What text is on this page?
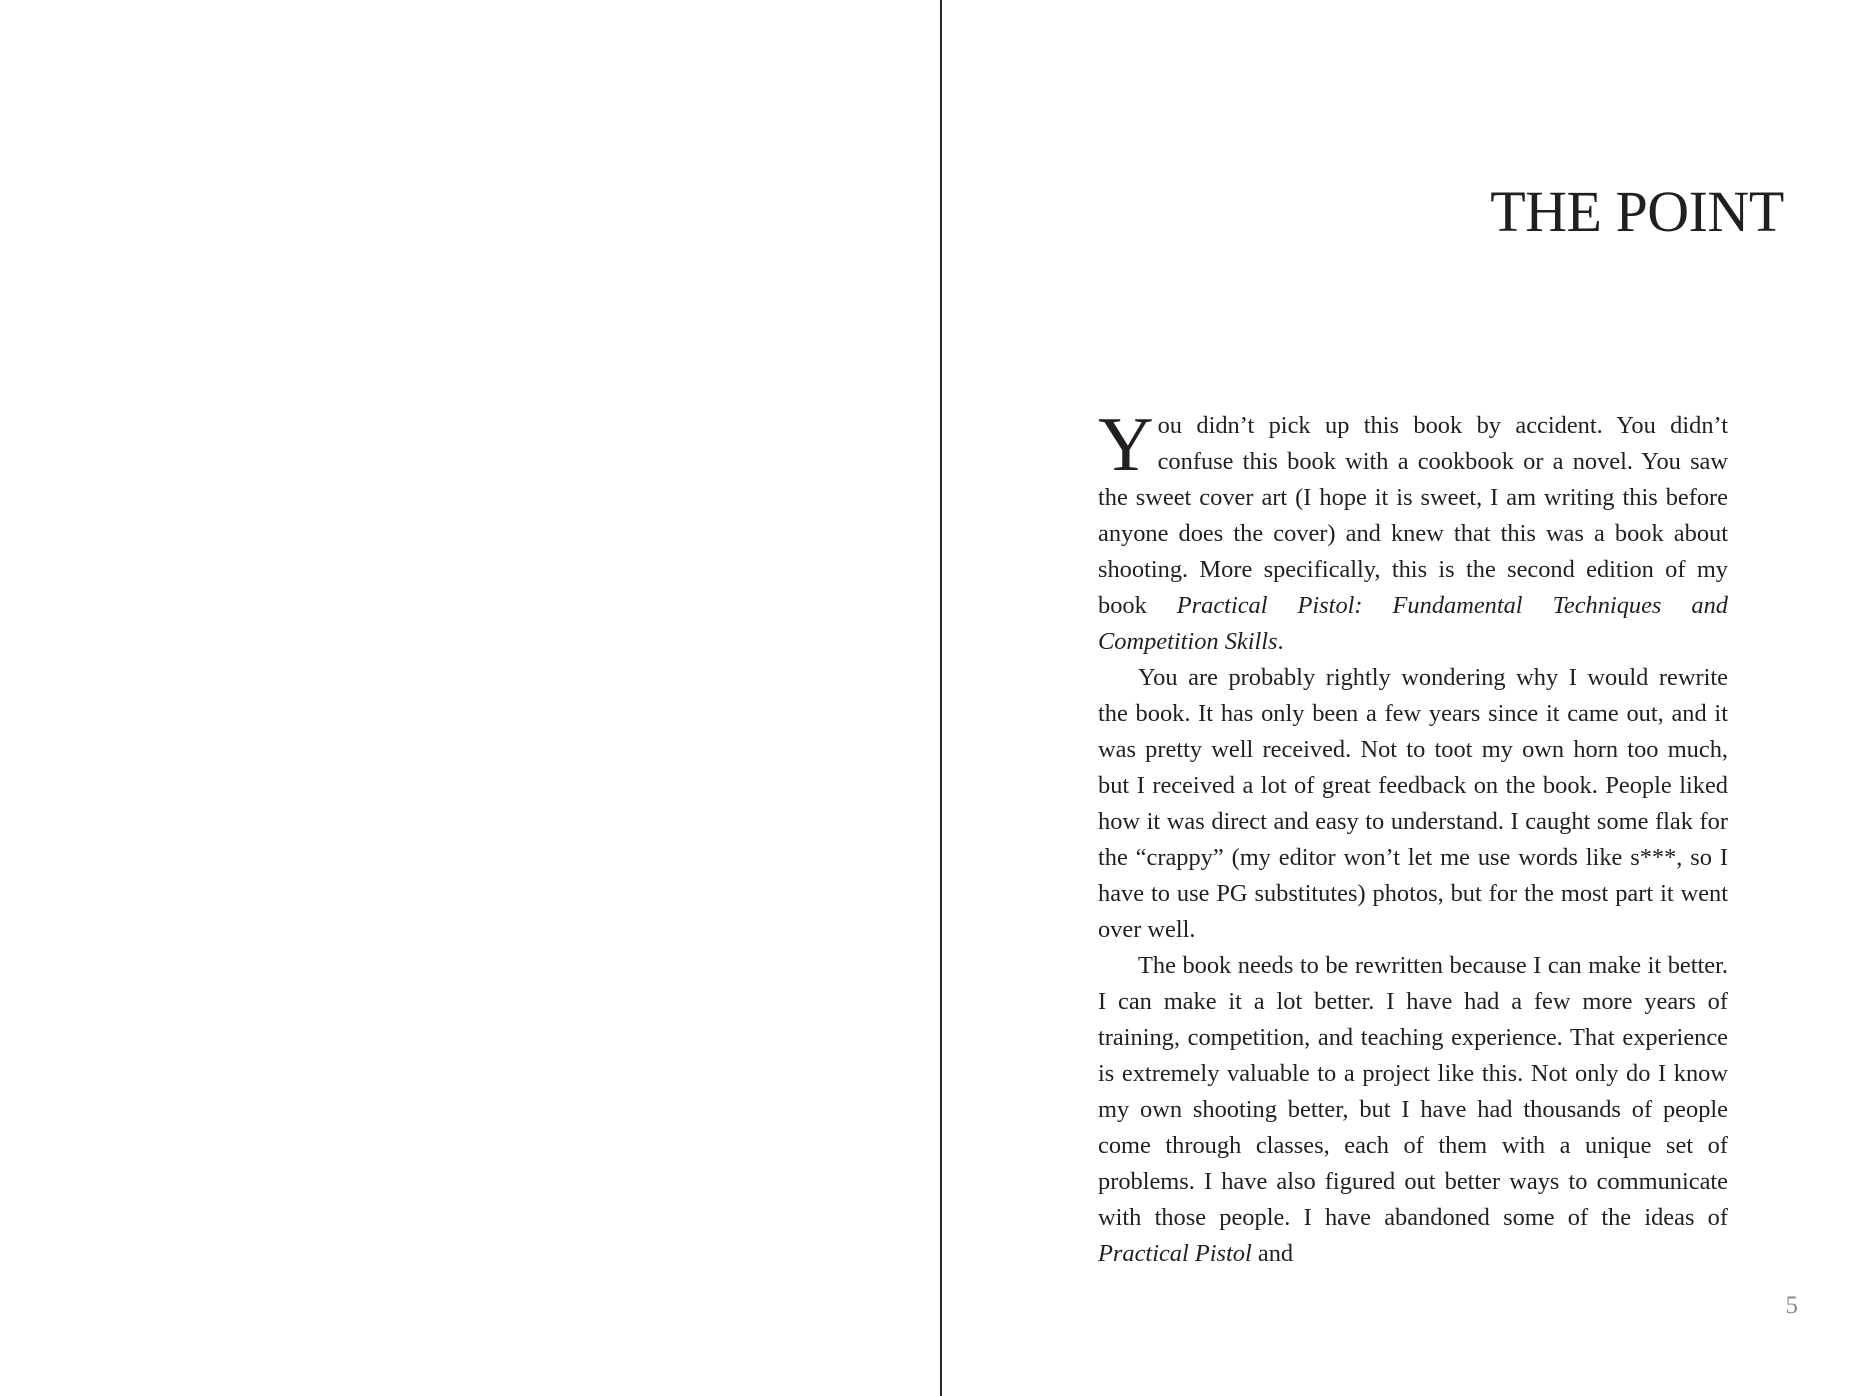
THE POINT

You didn’t pick up this book by accident. You didn’t confuse this book with a cookbook or a novel. You saw the sweet cover art (I hope it is sweet, I am writing this before anyone does the cover) and knew that this was a book about shooting. More specifically, this is the second edition of my book Practical Pistol: Fundamental Techniques and Competition Skills.

You are probably rightly wondering why I would rewrite the book. It has only been a few years since it came out, and it was pretty well received. Not to toot my own horn too much, but I received a lot of great feedback on the book. People liked how it was direct and easy to understand. I caught some flak for the “crappy” (my editor won’t let me use words like s***, so I have to use PG substitutes) photos, but for the most part it went over well.

The book needs to be rewritten because I can make it better. I can make it a lot better. I have had a few more years of training, competition, and teaching experience. That experience is extremely valuable to a project like this. Not only do I know my own shooting better, but I have had thousands of people come through classes, each of them with a unique set of problems. I have also figured out better ways to communicate with those people. I have abandoned some of the ideas of Practical Pistol and

5
